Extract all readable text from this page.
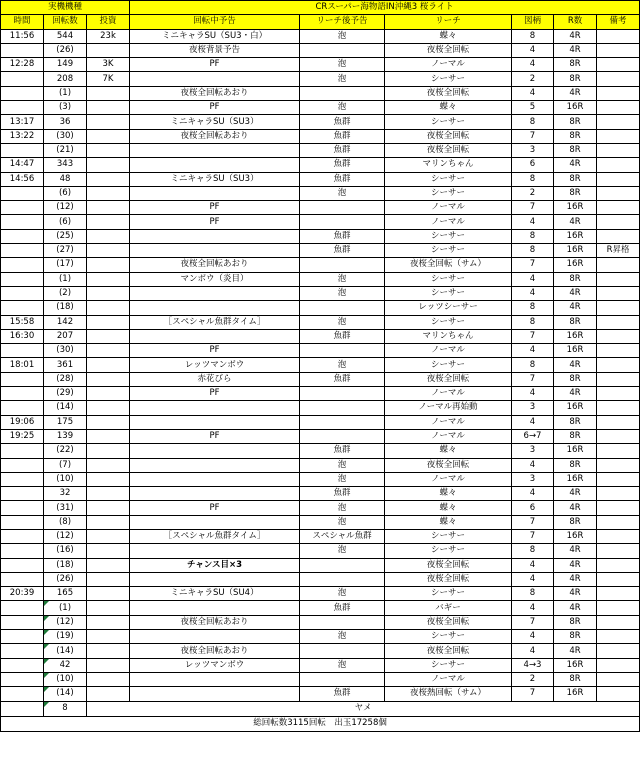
実機機種			CRスーパー海物語IN沖縄3 桜ライト					
時間	回転数	投資	回転中予告	リーチ後予告	リーチ	図柄	R数	備考
11:56	544	23k	ミニキャラSU（SU3・白）	泡	蝶々	8	4R	
	(26)		夜桜背景予告		夜桜全回転	4	4R	
12:28	149	3K	PF	泡	ノーマル	4	8R	
	208	7K		泡	シーサー	2	8R	
	(1)		夜桜全回転あおり		夜桜全回転	4	4R	
	(3)		PF	泡	蝶々	5	16R	
13:17	36		ミニキャラSU（SU3）	魚群	シーサー	8	8R	
13:22	(30)		夜桜全回転あおり	魚群	夜桜全回転	7	8R	
	(21)			魚群	夜桜全回転	3	8R	
14:47	343			魚群	マリンちゃん	6	4R	
14:56	48		ミニキャラSU（SU3）	魚群	シーサー	8	8R	
	(6)			泡	シーサー	2	8R	
	(12)		PF		ノーマル	7	16R	
	(6)		PF		ノーマル	4	4R	
	(25)			魚群	シーサー	8	16R	
	(27)			魚群	シーサー	8	16R	R昇格
	(17)		夜桜全回転あおり		夜桜全回転（サム）	7	16R	
	(1)		マンボウ（炎目）	泡	シーサー	4	8R	
	(2)			泡	シーサー	4	4R	
	(18)				レッツシーサー	8	4R	
15:58	142		［スペシャル魚群タイム］	泡	シーサー	8	8R	
16:30	207			魚群	マリンちゃん	7	16R	
	(30)		PF		ノーマル	4	16R	
18:01	361		レッツマンボウ	泡	シーサー	8	4R	
	(28)		赤花びら	魚群	夜桜全回転	7	8R	
	(29)		PF		ノーマル	4	4R	
	(14)				ノーマル再始動	3	16R	
19:06	175				ノーマル	4	8R	
19:25	139		PF		ノーマル	6→7	8R	
	(22)			魚群	蝶々	3	16R	
	(7)			泡	夜桜全回転	4	8R	
	(10)			泡	ノーマル	3	16R	
	32			魚群	蝶々	4	4R	
	(31)		PF	泡	蝶々	6	4R	
	(8)			泡	蝶々	7	8R	
	(12)		［スペシャル魚群タイム］	スペシャル魚群	シーサー	7	16R	
	(16)			泡	シーサー	8	4R	
	(18)		チャンス目×3		夜桜全回転	4	4R	
	(26)				夜桜全回転	4	4R	
20:39	165		ミニキャラSU（SU4）	泡	シーサー	8	4R	
	(1)			魚群	バギー	4	4R	
	(12)		夜桜全回転あおり		夜桜全回転	7	8R	
	(19)			泡	シーサー	4	8R	
	(14)		夜桜全回転あおり		夜桜全回転	4	4R	
	42		レッツマンボウ	泡	シーサー	4→3	16R	
	(10)				ノーマル	2	8R	
	(14)			魚群	夜桜熱回転（サム）	7	16R	
	8	ヤメ						
総回転数3115回転　出玉17258個								
